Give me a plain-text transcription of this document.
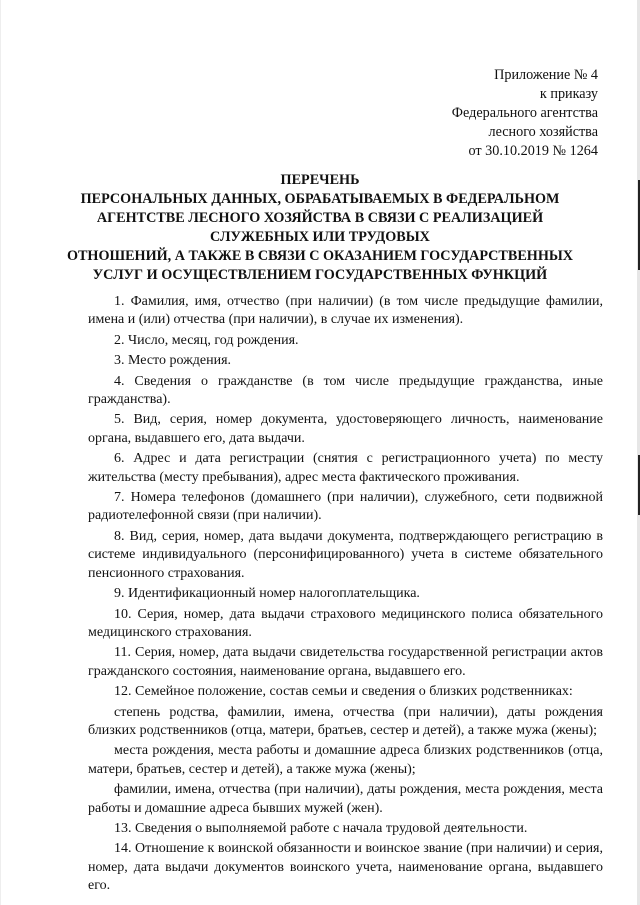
Приложение № 4
к приказу
Федерального агентства
лесного хозяйства
от 30.10.2019 № 1264
ПЕРЕЧЕНЬ
ПЕРСОНАЛЬНЫХ ДАННЫХ, ОБРАБАТЫВАЕМЫХ В ФЕДЕРАЛЬНОМ
АГЕНТСТВЕ ЛЕСНОГО ХОЗЯЙСТВА В СВЯЗИ С РЕАЛИЗАЦИЕЙ
СЛУЖЕБНЫХ ИЛИ ТРУДОВЫХ
ОТНОШЕНИЙ, А ТАКЖЕ В СВЯЗИ С ОКАЗАНИЕМ ГОСУДАРСТВЕННЫХ
УСЛУГ И ОСУЩЕСТВЛЕНИЕМ ГОСУДАРСТВЕННЫХ ФУНКЦИЙ

1. Фамилия, имя, отчество (при наличии) (в том числе предыдущие фамилии, имена и (или) отчества (при наличии), в случае их изменения).

2. Число, месяц, год рождения.

3. Место рождения.

4. Сведения о гражданстве (в том числе предыдущие гражданства, иные гражданства).

5. Вид, серия, номер документа, удостоверяющего личность, наименование органа, выдавшего его, дата выдачи.

6. Адрес и дата регистрации (снятия с регистрационного учета) по месту жительства (месту пребывания), адрес места фактического проживания.

7. Номера телефонов (домашнего (при наличии), служебного, сети подвижной радиотелефонной связи (при наличии).

8. Вид, серия, номер, дата выдачи документа, подтверждающего регистрацию в системе индивидуального (персонифицированного) учета в системе обязательного пенсионного страхования.

9. Идентификационный номер налогоплательщика.

10. Серия, номер, дата выдачи страхового медицинского полиса обязательного медицинского страхования.

11. Серия, номер, дата выдачи свидетельства государственной регистрации актов гражданского состояния, наименование органа, выдавшего его.

12. Семейное положение, состав семьи и сведения о близких родственниках:

степень родства, фамилии, имена, отчества (при наличии), даты рождения близких родственников (отца, матери, братьев, сестер и детей), а также мужа (жены);

места рождения, места работы и домашние адреса близких родственников (отца, матери, братьев, сестер и детей), а также мужа (жены);

фамилии, имена, отчества (при наличии), даты рождения, места рождения, места работы и домашние адреса бывших мужей (жен).

13. Сведения о выполняемой работе с начала трудовой деятельности.

14. Отношение к воинской обязанности и воинское звание (при наличии) и серия, номер, дата выдачи документов воинского учета, наименование органа, выдавшего его.
